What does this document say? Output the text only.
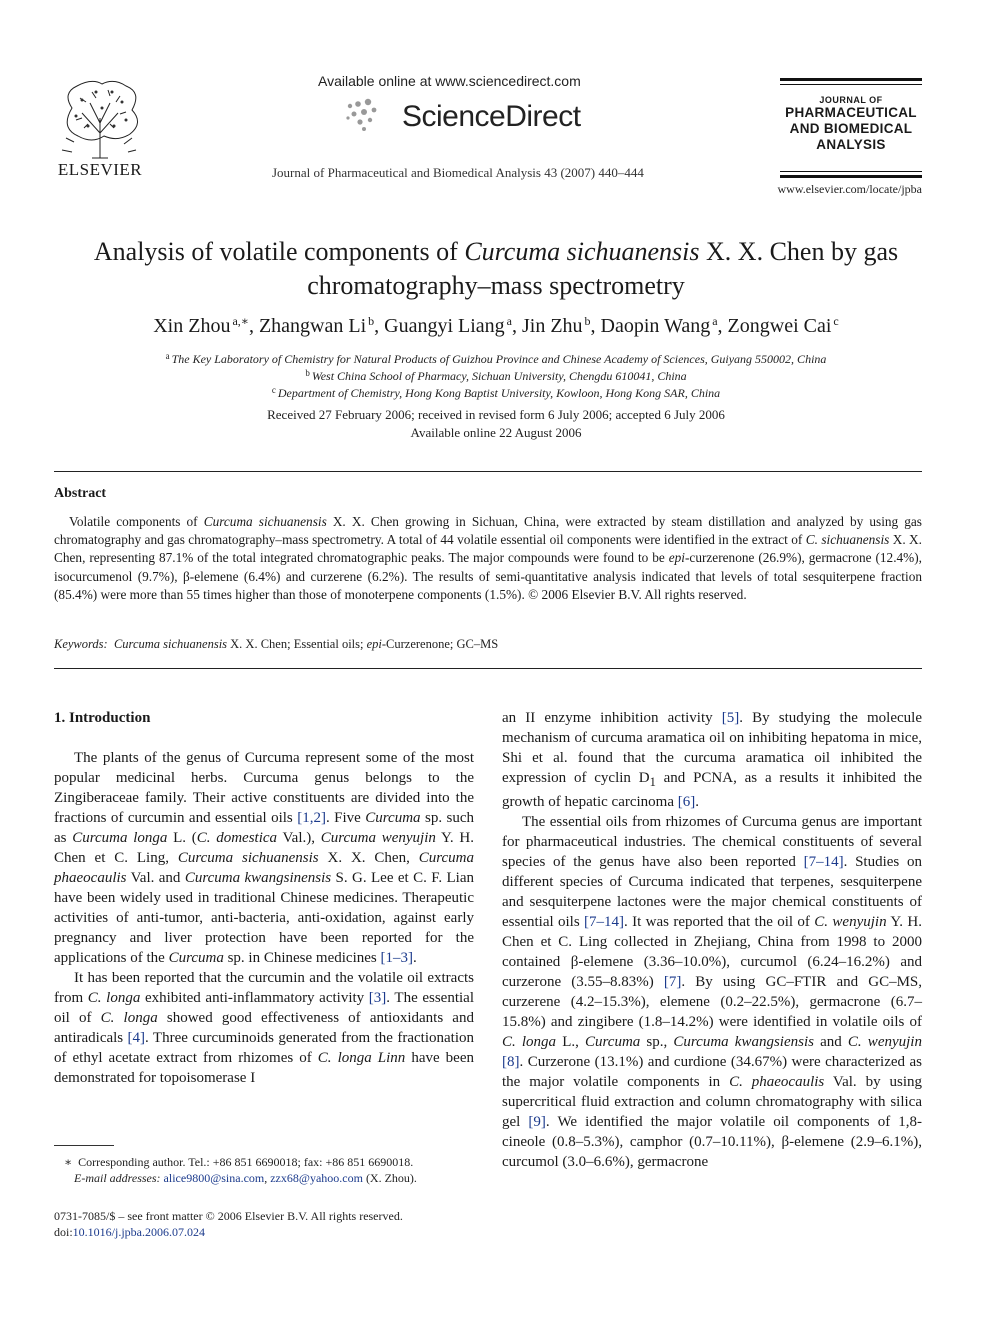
ELSEVIER
Available online at www.sciencedirect.com
ScienceDirect
Journal of Pharmaceutical and Biomedical Analysis 43 (2007) 440–444
JOURNAL OF
PHARMACEUTICAL
AND BIOMEDICAL
ANALYSIS
www.elsevier.com/locate/jpba
Analysis of volatile components of Curcuma sichuanensis X. X. Chen by gas
chromatography–mass spectrometry
Xin Zhou $^{a,∗}$, Zhangwan Li $^b$, Guangyi Liang $^a$, Jin Zhu $^b$, Daopin Wang $^a$, Zongwei Cai $^c$
$^a$ The Key Laboratory of Chemistry for Natural Products of Guizhou Province and Chinese Academy of Sciences, Guiyang 550002, China
$^b$ West China School of Pharmacy, Sichuan University, Chengdu 610041, China
$^c$ Department of Chemistry, Hong Kong Baptist University, Kowloon, Hong Kong SAR, China
Received 27 February 2006; received in revised form 6 July 2006; accepted 6 July 2006
Available online 22 August 2006
Abstract
Volatile components of Curcuma sichuanensis X. X. Chen growing in Sichuan, China, were extracted by steam distillation and analyzed by using gas chromatography and gas chromatography–mass spectrometry. A total of 44 volatile essential oil components were identified in the extract of C. sichuanensis X. X. Chen, representing 87.1% of the total integrated chromatographic peaks. The major compounds were found to be epi-curzerenone (26.9%), germacrone (12.4%), isocurcumenol (9.7%), β-elemene (6.4%) and curzerene (6.2%). The results of semi-quantitative analysis indicated that levels of total sesquiterpene fraction (85.4%) were more than 55 times higher than those of monoterpene components (1.5%). © 2006 Elsevier B.V. All rights reserved.
Keywords: Curcuma sichuanensis X. X. Chen; Essential oils; epi-Curzerenone; GC–MS
1. Introduction

The plants of the genus of Curcuma represent some of the most popular medicinal herbs. Curcuma genus belongs to the Zingiberaceae family. Their active constituents are divided into the fractions of curcumin and essential oils [1,2]. Five Curcuma sp. such as Curcuma longa L. (C. domestica Val.), Curcuma wenyujin Y. H. Chen et C. Ling, Curcuma sichuanensis X. X. Chen, Curcuma phaeocaulis Val. and Curcuma kwangsinensis S. G. Lee et C. F. Lian have been widely used in traditional Chinese medicines. Therapeutic activities of anti-tumor, anti-bacteria, anti-oxidation, against early pregnancy and liver protection have been reported for the applications of the Curcuma sp. in Chinese medicines [1–3].

It has been reported that the curcumin and the volatile oil extracts from C. longa exhibited anti-inflammatory activity [3]. The essential oil of C. longa showed good effectiveness of antioxidants and antiradicals [4]. Three curcuminoids generated from the fractionation of ethyl acetate extract from rhizomes of C. longa Linn have been demonstrated for topoisomerase I

an II enzyme inhibition activity [5]. By studying the molecule mechanism of curcuma aramatica oil on inhibiting hepatoma in mice, Shi et al. found that the curcuma aramatica oil inhibited the expression of cyclin $D_1$ and PCNA, as a results it inhibited the growth of hepatic carcinoma [6].

The essential oils from rhizomes of Curcuma genus are important for pharmaceutical industries. The chemical constituents of several species of the genus have also been reported [7–14]. Studies on different species of Curcuma indicated that terpenes, sesquiterpene and sesquiterpene lactones were the major chemical constituents of essential oils [7–14]. It was reported that the oil of C. wenyujin Y. H. Chen et C. Ling collected in Zhejiang, China from 1998 to 2000 contained β-elemene (3.36–10.0%), curcumol (6.24–16.2%) and curzerone (3.55–8.83%) [7]. By using GC–FTIR and GC–MS, curzerene (4.2–15.3%), elemene (0.2–22.5%), germacrone (6.7–15.8%) and zingibere (1.8–14.2%) were identified in volatile oils of C. longa L., Curcuma sp., Curcuma kwangsiensis and C. wenyujin [8]. Curzerone (13.1%) and curdione (34.67%) were characterized as the major volatile components in C. phaeocaulis Val. by using supercritical fluid extraction and column chromatography with silica gel [9]. We identified the major volatile oil components of 1,8-cineole (0.8–5.3%), camphor (0.7–10.11%), β-elemene (2.9–6.1%), curcumol (3.0–6.6%), germacrone

∗ Corresponding author. Tel.: +86 851 6690018; fax: +86 851 6690018.
E-mail addresses: alice9800@sina.com, zzx68@yahoo.com (X. Zhou).
0731-7085/$ – see front matter © 2006 Elsevier B.V. All rights reserved.
doi:10.1016/j.jpba.2006.07.024
